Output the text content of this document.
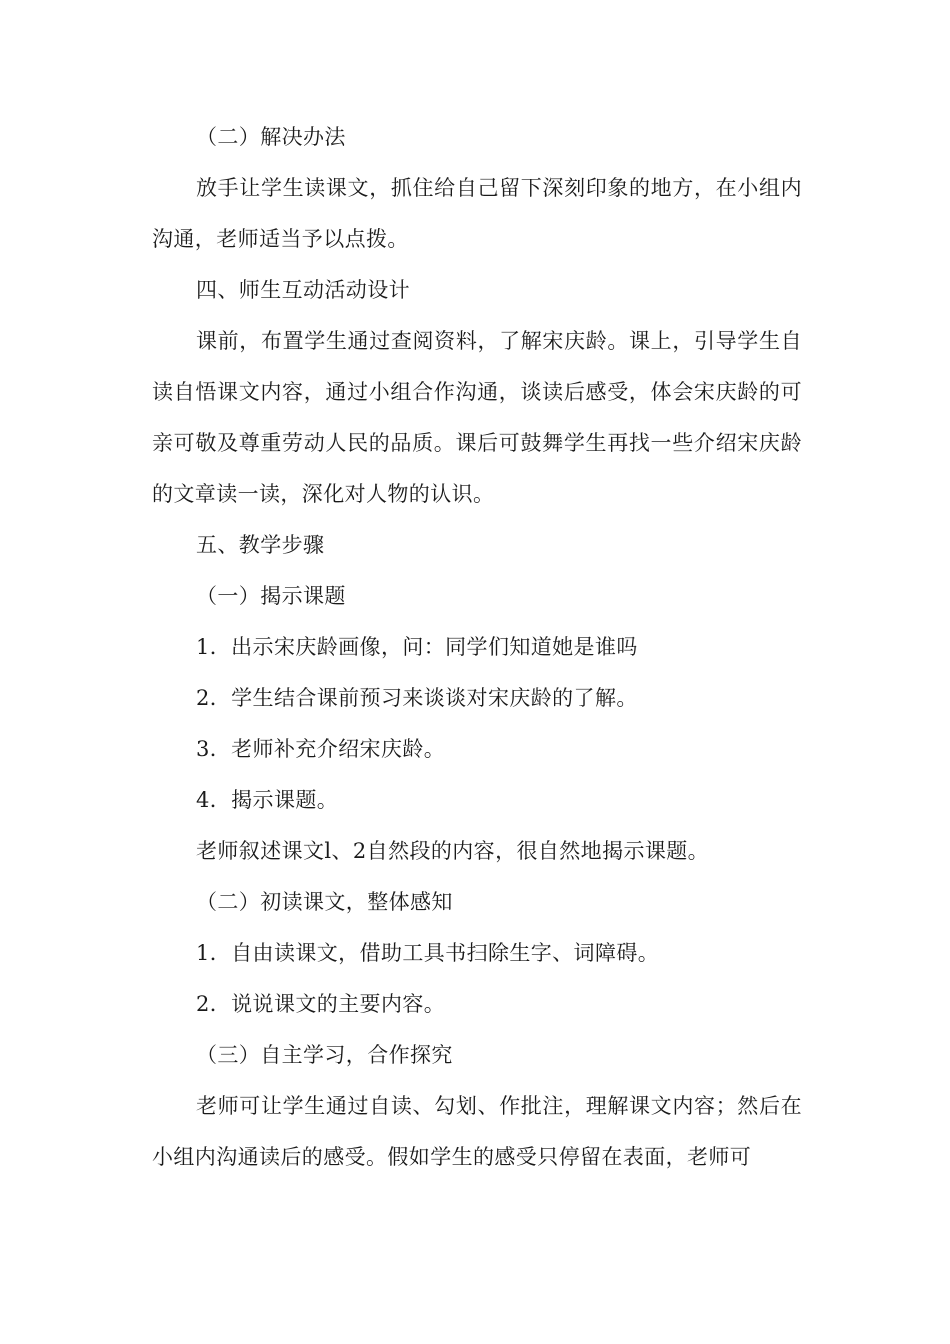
（二）解决办法

放手让学生读课文，抓住给自己留下深刻印象的地方，在小组内沟通，老师适当予以点拨。

四、师生互动活动设计

课前，布置学生通过查阅资料，了解宋庆龄。课上，引导学生自读自悟课文内容，通过小组合作沟通，谈读后感受，体会宋庆龄的可亲可敬及尊重劳动人民的品质。课后可鼓舞学生再找一些介绍宋庆龄的文章读一读，深化对人物的认识。

五、教学步骤

（一）揭示课题

1．出示宋庆龄画像，问：同学们知道她是谁吗

2．学生结合课前预习来谈谈对宋庆龄的了解。

3．老师补充介绍宋庆龄。

4．揭示课题。

老师叙述课文l、2自然段的内容，很自然地揭示课题。

（二）初读课文，整体感知

1．自由读课文，借助工具书扫除生字、词障碍。

2．说说课文的主要内容。

（三）自主学习，合作探究

老师可让学生通过自读、勾划、作批注，理解课文内容；然后在小组内沟通读后的感受。假如学生的感受只停留在表面，老师可
